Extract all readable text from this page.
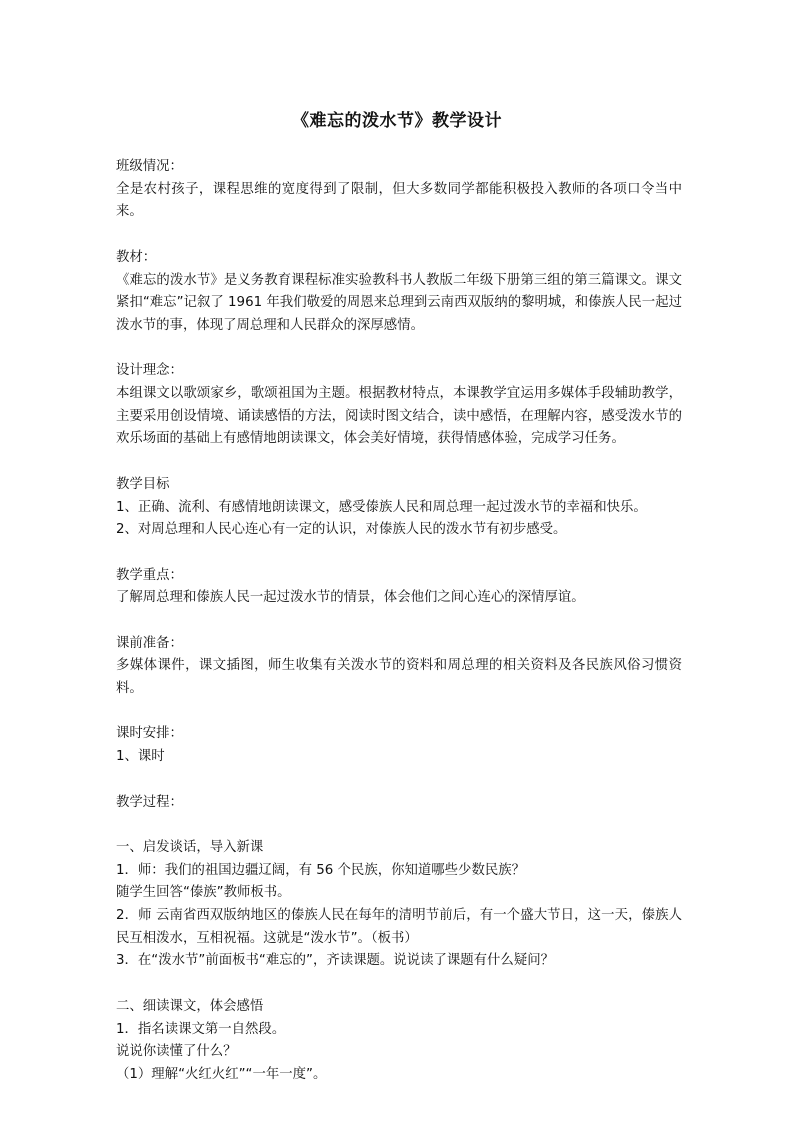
《难忘的泼水节》教学设计

班级情况：

全是农村孩子，课程思维的宽度得到了限制，但大多数同学都能积极投入教师的各项口令当中来。

教材：

《难忘的泼水节》是义务教育课程标准实验教科书人教版二年级下册第三组的第三篇课文。课文紧扣“难忘”记叙了 1961 年我们敬爱的周恩来总理到云南西双版纳的黎明城，和傣族人民一起过泼水节的事，体现了周总理和人民群众的深厚感情。

设计理念：

本组课文以歌颂家乡，歌颂祖国为主题。根据教材特点，本课教学宜运用多媒体手段辅助教学，主要采用创设情境、诵读感悟的方法，阅读时图文结合，读中感悟，在理解内容，感受泼水节的欢乐场面的基础上有感情地朗读课文，体会美好情境，获得情感体验，完成学习任务。

教学目标

1、正确、流利、有感情地朗读课文，感受傣族人民和周总理一起过泼水节的幸福和快乐。

2、对周总理和人民心连心有一定的认识，对傣族人民的泼水节有初步感受。

教学重点：

了解周总理和傣族人民一起过泼水节的情景，体会他们之间心连心的深情厚谊。

课前准备：

多媒体课件，课文插图，师生收集有关泼水节的资料和周总理的相关资料及各民族风俗习惯资料。

课时安排：

1、课时

教学过程：

一、启发谈话，导入新课

1．师：我们的祖国边疆辽阔，有 56 个民族，你知道哪些少数民族？

随学生回答“傣族”教师板书。

2．师 云南省西双版纳地区的傣族人民在每年的清明节前后，有一个盛大节日，这一天，傣族人民互相泼水，互相祝福。这就是“泼水节”。（板书）

3．在“泼水节”前面板书“难忘的”，齐读课题。说说读了课题有什么疑问？

二、细读课文，体会感悟

1．指名读课文第一自然段。

说说你读懂了什么？

（1）理解“火红火红”“一年一度”。
